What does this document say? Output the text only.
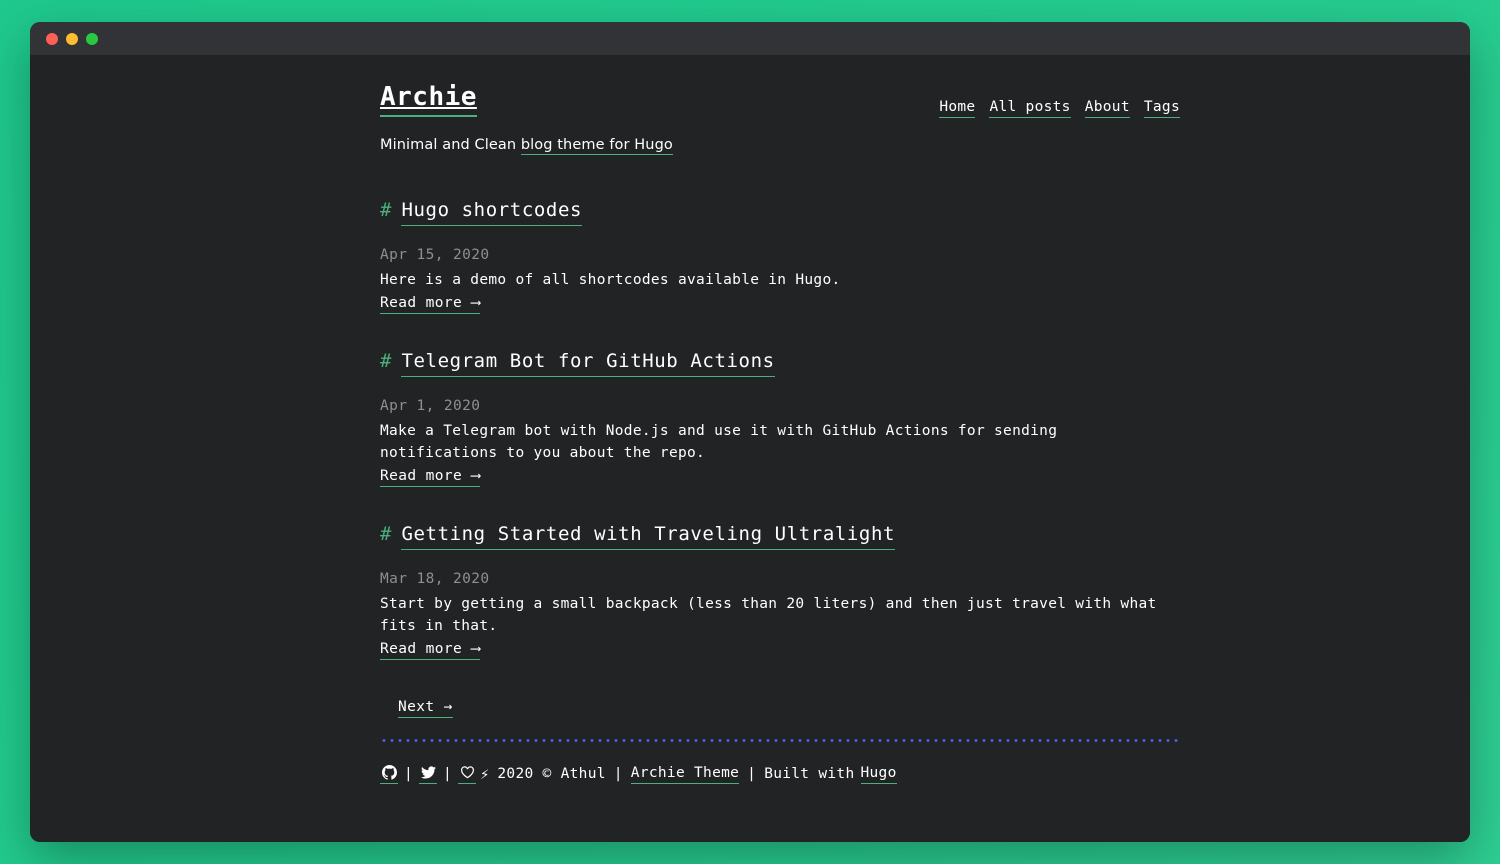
Archie	Home All posts About Tags
Minimal and Clean blog theme for Hugo
# Hugo shortcodes
Apr 15, 2020
Here is a demo of all shortcodes available in Hugo.
Read more ⟶
# Telegram Bot for GitHub Actions
Apr 1, 2020
Make a Telegram bot with Node.js and use it with GitHub Actions for sending notifications to you about the repo.
Read more ⟶
# Getting Started with Traveling Ultralight
Mar 18, 2020
Start by getting a small backpack (less than 20 liters) and then just travel with what fits in that.
Read more ⟶
Next →
| | ⚡ 2020 © Athul | Archie Theme | Built with Hugo
